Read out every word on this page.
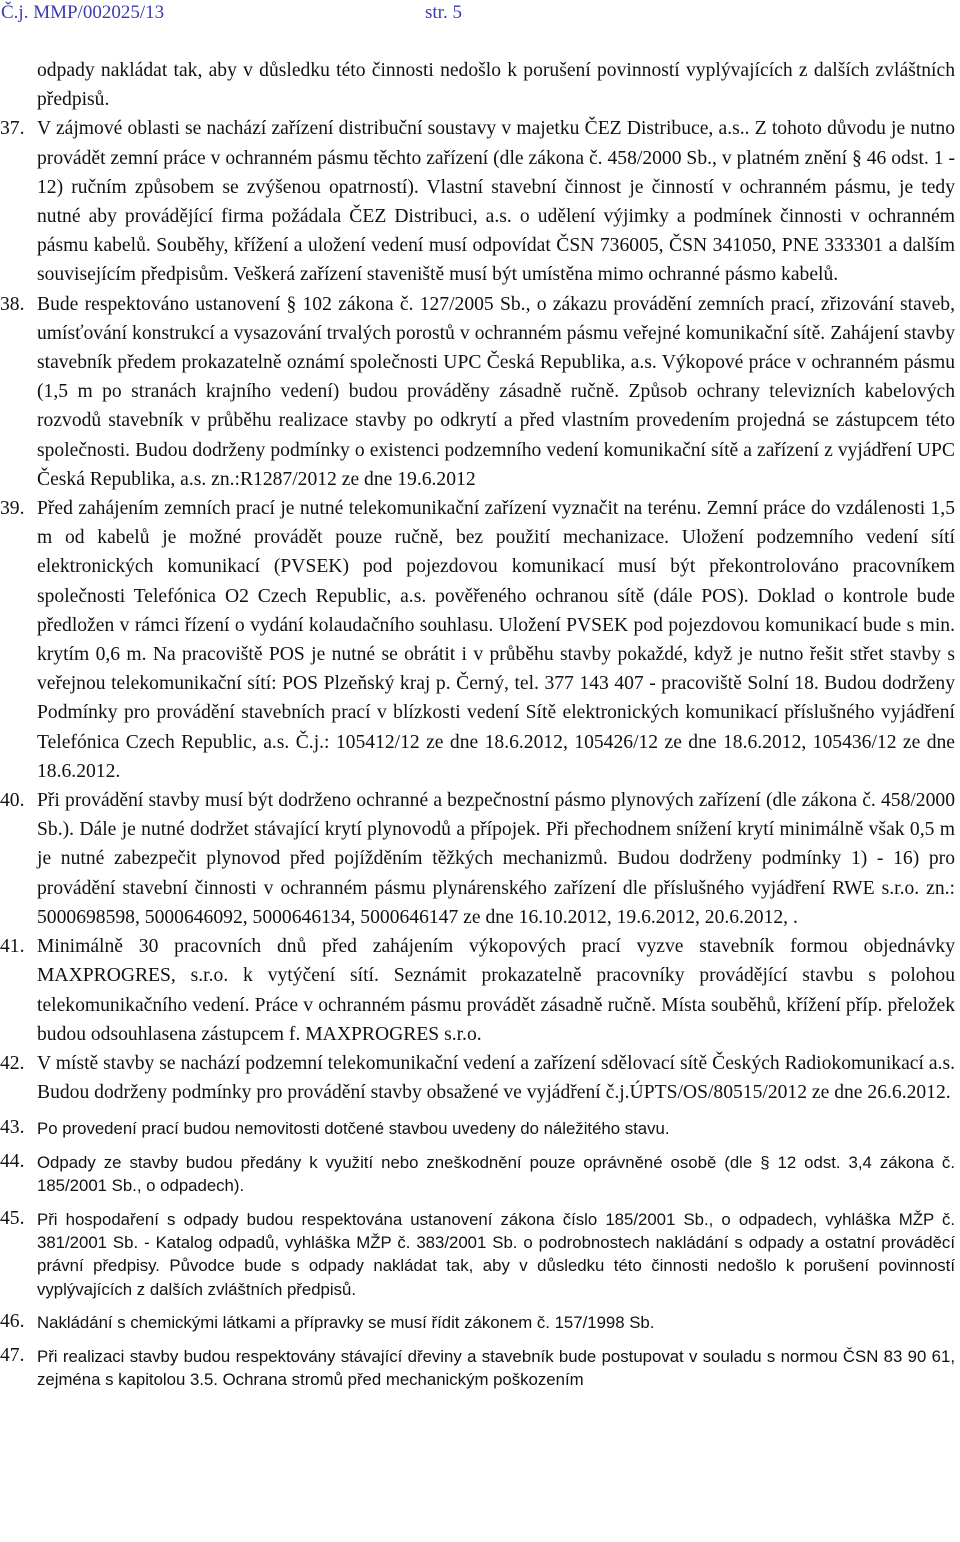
Č.j. MMP/002025/13	str. 5

odpady nakládat tak, aby v důsledku této činnosti nedošlo k porušení povinností vyplývajících z dalších zvláštních předpisů.

37. V zájmové oblasti se nachází zařízení distribuční soustavy v majetku ČEZ Distribuce, a.s.. Z tohoto důvodu je nutno provádět zemní práce v ochranném pásmu těchto zařízení (dle zákona č. 458/2000 Sb., v platném znění § 46 odst. 1 - 12) ručním způsobem se zvýšenou opatrností). Vlastní stavební činnost je činností v ochranném pásmu, je tedy nutné aby provádějící firma požádala ČEZ Distribuci, a.s. o udělení výjimky a podmínek činnosti v ochranném pásmu kabelů. Souběhy, křížení a uložení vedení musí odpovídat ČSN 736005, ČSN 341050, PNE 333301 a dalším souvisejícím předpisům. Veškerá zařízení staveniště musí být umístěna mimo ochranné pásmo kabelů.
38. Bude respektováno ustanovení § 102 zákona č. 127/2005 Sb., o zákazu provádění zemních prací, zřizování staveb, umísťování konstrukcí a vysazování trvalých porostů v ochranném pásmu veřejné komunikační sítě. Zahájení stavby stavebník předem prokazatelně oznámí společnosti UPC Česká Republika, a.s. Výkopové práce v ochranném pásmu (1,5 m po stranách krajního vedení) budou prováděny zásadně ručně. Způsob ochrany televizních kabelových rozvodů stavebník v průběhu realizace stavby po odkrytí a před vlastním provedením projedná se zástupcem této společnosti. Budou dodrženy podmínky o existenci podzemního vedení komunikační sítě a zařízení z vyjádření UPC Česká Republika, a.s. zn.:R1287/2012 ze dne 19.6.2012
39. Před zahájením zemních prací je nutné telekomunikační zařízení vyznačit na terénu. Zemní práce do vzdálenosti 1,5 m od kabelů je možné provádět pouze ručně, bez použití mechanizace. Uložení podzemního vedení sítí elektronických komunikací (PVSEK) pod pojezdovou komunikací musí být překontrolováno pracovníkem společnosti Telefónica O2 Czech Republic, a.s. pověřeného ochranou sítě (dále POS). Doklad o kontrole bude předložen v rámci řízení o vydání kolaudačního souhlasu. Uložení PVSEK pod pojezdovou komunikací bude s min. krytím 0,6 m. Na pracoviště POS je nutné se obrátit i v průběhu stavby pokaždé, když je nutno řešit střet stavby s veřejnou telekomunikační sítí: POS Plzeňský kraj p. Černý, tel. 377 143 407 - pracoviště Solní 18. Budou dodrženy Podmínky pro provádění stavebních prací v blízkosti vedení Sítě elektronických komunikací příslušného vyjádření Telefónica Czech Republic, a.s. Č.j.: 105412/12 ze dne 18.6.2012, 105426/12 ze dne 18.6.2012, 105436/12 ze dne 18.6.2012.
40. Při provádění stavby musí být dodrženo ochranné a bezpečnostní pásmo plynových zařízení (dle zákona č. 458/2000 Sb.). Dále je nutné dodržet stávající krytí plynovodů a přípojek. Při přechodnem snížení krytí minimálně však 0,5 m je nutné zabezpečit plynovod před pojížděním těžkých mechanizmů. Budou dodrženy podmínky 1) - 16) pro provádění stavební činnosti v ochranném pásmu plynárenského zařízení dle příslušného vyjádření RWE s.r.o. zn.: 5000698598, 5000646092, 5000646134, 5000646147 ze dne 16.10.2012, 19.6.2012, 20.6.2012, .
41. Minimálně 30 pracovních dnů před zahájením výkopových prací vyzve stavebník formou objednávky MAXPROGRES, s.r.o. k vytýčení sítí. Seznámit prokazatelně pracovníky provádějící stavbu s polohou telekomunikačního vedení. Práce v ochranném pásmu provádět zásadně ručně. Místa souběhů, křížení příp. přeložek budou odsouhlasena zástupcem f. MAXPROGRES s.r.o.
42. V místě stavby se nachází podzemní telekomunikační vedení a zařízení sdělovací sítě Českých Radiokomunikací a.s. Budou dodrženy podmínky pro provádění stavby obsažené ve vyjádření č.j.ÚPTS/OS/80515/2012 ze dne 26.6.2012.
43. Po provedení prací budou nemovitosti dotčené stavbou uvedeny do náležitého stavu.
44. Odpady ze stavby budou předány k využití nebo zneškodnění pouze oprávněné osobě (dle § 12 odst. 3,4 zákona č. 185/2001 Sb., o odpadech).
45. Při hospodaření s odpady budou respektována ustanovení zákona číslo 185/2001 Sb., o odpadech, vyhláška MŽP č. 381/2001 Sb. - Katalog odpadů, vyhláška MŽP č. 383/2001 Sb. o podrobnostech nakládání s odpady a ostatní prováděcí právní předpisy. Původce bude s odpady nakládat tak, aby v důsledku této činnosti nedošlo k porušení povinností vyplývajících z dalších zvláštních předpisů.
46. Nakládání s chemickými látkami a přípravky se musí řídit zákonem č. 157/1998 Sb.
47. Při realizaci stavby budou respektovány stávající dřeviny a stavebník bude postupovat v souladu s normou ČSN 83 90 61, zejména s kapitolou 3.5. Ochrana stromů před mechanickým poškozením
